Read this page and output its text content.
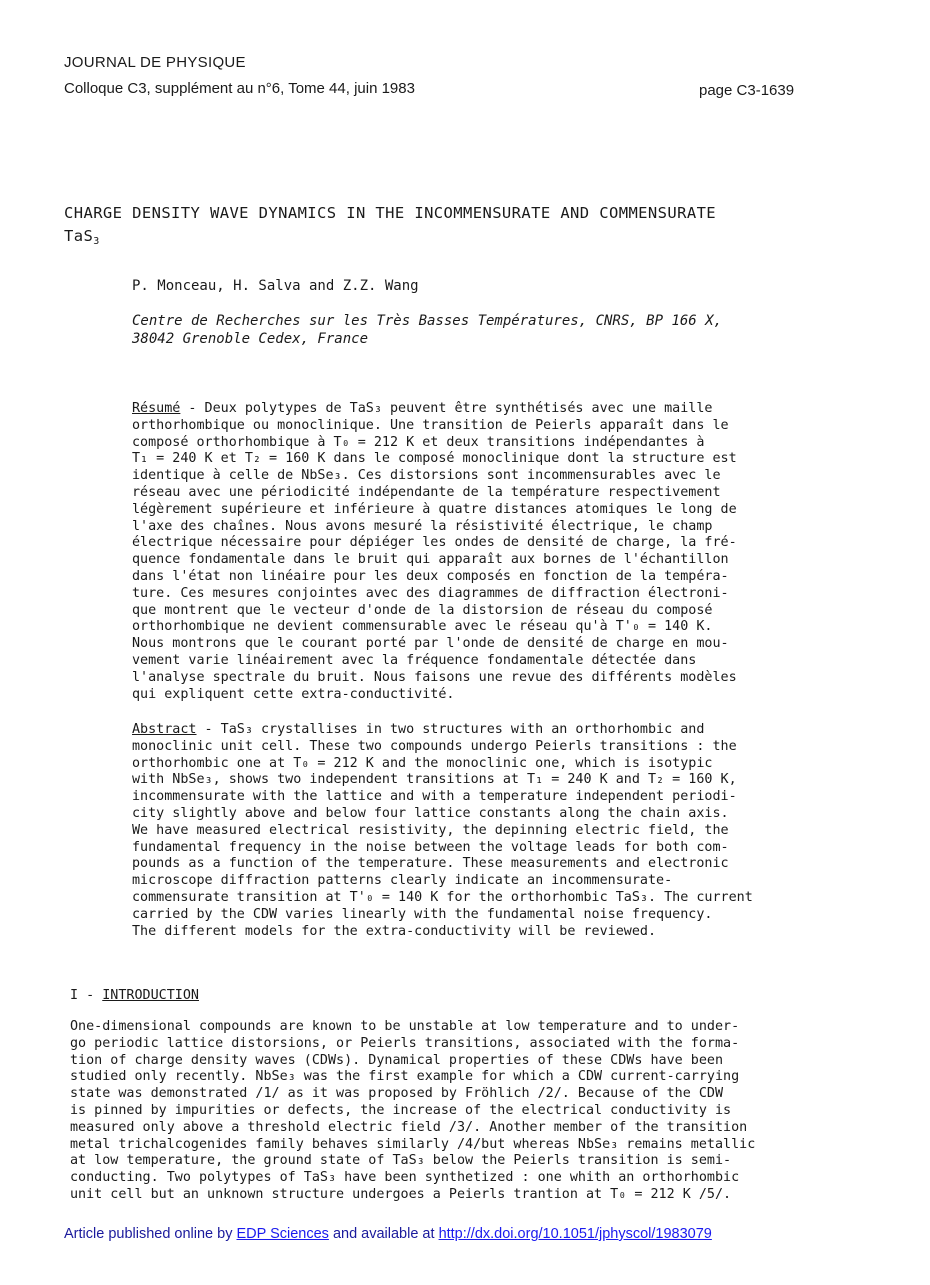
JOURNAL DE PHYSIQUE
Colloque C3, supplément au n°6, Tome 44, juin 1983	page C3-1639
CHARGE DENSITY WAVE DYNAMICS IN THE INCOMMENSURATE AND COMMENSURATE
TaS$_3$
P. Monceau, H. Salva and Z.Z. Wang
Centre de Recherches sur les Très Basses Températures, CNRS, BP 166 X,
38042 Grenoble Cedex, France
Résumé - Deux polytypes de TaS₃ peuvent être synthétisés avec une maille
orthorhombique ou monoclinique. Une transition de Peierls apparaît dans le
composé orthorhombique à T₀ = 212 K et deux transitions indépendantes à
T₁ = 240 K et T₂ = 160 K dans le composé monoclinique dont la structure est
identique à celle de NbSe₃. Ces distorsions sont incommensurables avec le
réseau avec une périodicité indépendante de la température respectivement
légèrement supérieure et inférieure à quatre distances atomiques le long de
l'axe des chaînes. Nous avons mesuré la résistivité électrique, le champ
électrique nécessaire pour dépiéger les ondes de densité de charge, la fré-
quence fondamentale dans le bruit qui apparaît aux bornes de l'échantillon
dans l'état non linéaire pour les deux composés en fonction de la tempéra-
ture. Ces mesures conjointes avec des diagrammes de diffraction électroni-
que montrent que le vecteur d'onde de la distorsion de réseau du composé
orthorhombique ne devient commensurable avec le réseau qu'à T'₀ = 140 K.
Nous montrons que le courant porté par l'onde de densité de charge en mou-
vement varie linéairement avec la fréquence fondamentale détectée dans
l'analyse spectrale du bruit. Nous faisons une revue des différents modèles
qui expliquent cette extra-conductivité.
Abstract - TaS₃ crystallises in two structures with an orthorhombic and
monoclinic unit cell. These two compounds undergo Peierls transitions : the
orthorhombic one at T₀ = 212 K and the monoclinic one, which is isotypic
with NbSe₃, shows two independent transitions at T₁ = 240 K and T₂ = 160 K,
incommensurate with the lattice and with a temperature independent periodi-
city slightly above and below four lattice constants along the chain axis.
We have measured electrical resistivity, the depinning electric field, the
fundamental frequency in the noise between the voltage leads for both com-
pounds as a function of the temperature. These measurements and electronic
microscope diffraction patterns clearly indicate an incommensurate-
commensurate transition at T'₀ = 140 K for the orthorhombic TaS₃. The current
carried by the CDW varies linearly with the fundamental noise frequency.
The different models for the extra-conductivity will be reviewed.
I - INTRODUCTION
One-dimensional compounds are known to be unstable at low temperature and to under-
go periodic lattice distorsions, or Peierls transitions, associated with the forma-
tion of charge density waves (CDWs). Dynamical properties of these CDWs have been
studied only recently. NbSe₃ was the first example for which a CDW current-carrying
state was demonstrated /1/ as it was proposed by Fröhlich /2/. Because of the CDW
is pinned by impurities or defects, the increase of the electrical conductivity is
measured only above a threshold electric field /3/. Another member of the transition
metal trichalcogenides family behaves similarly /4/but whereas NbSe₃ remains metallic
at low temperature, the ground state of TaS₃ below the Peierls transition is semi-
conducting. Two polytypes of TaS₃ have been synthetized : one whith an orthorhombic
unit cell but an unknown structure undergoes a Peierls trantion at T₀ = 212 K /5/.
Article published online by EDP Sciences and available at http://dx.doi.org/10.1051/jphyscol/1983079
